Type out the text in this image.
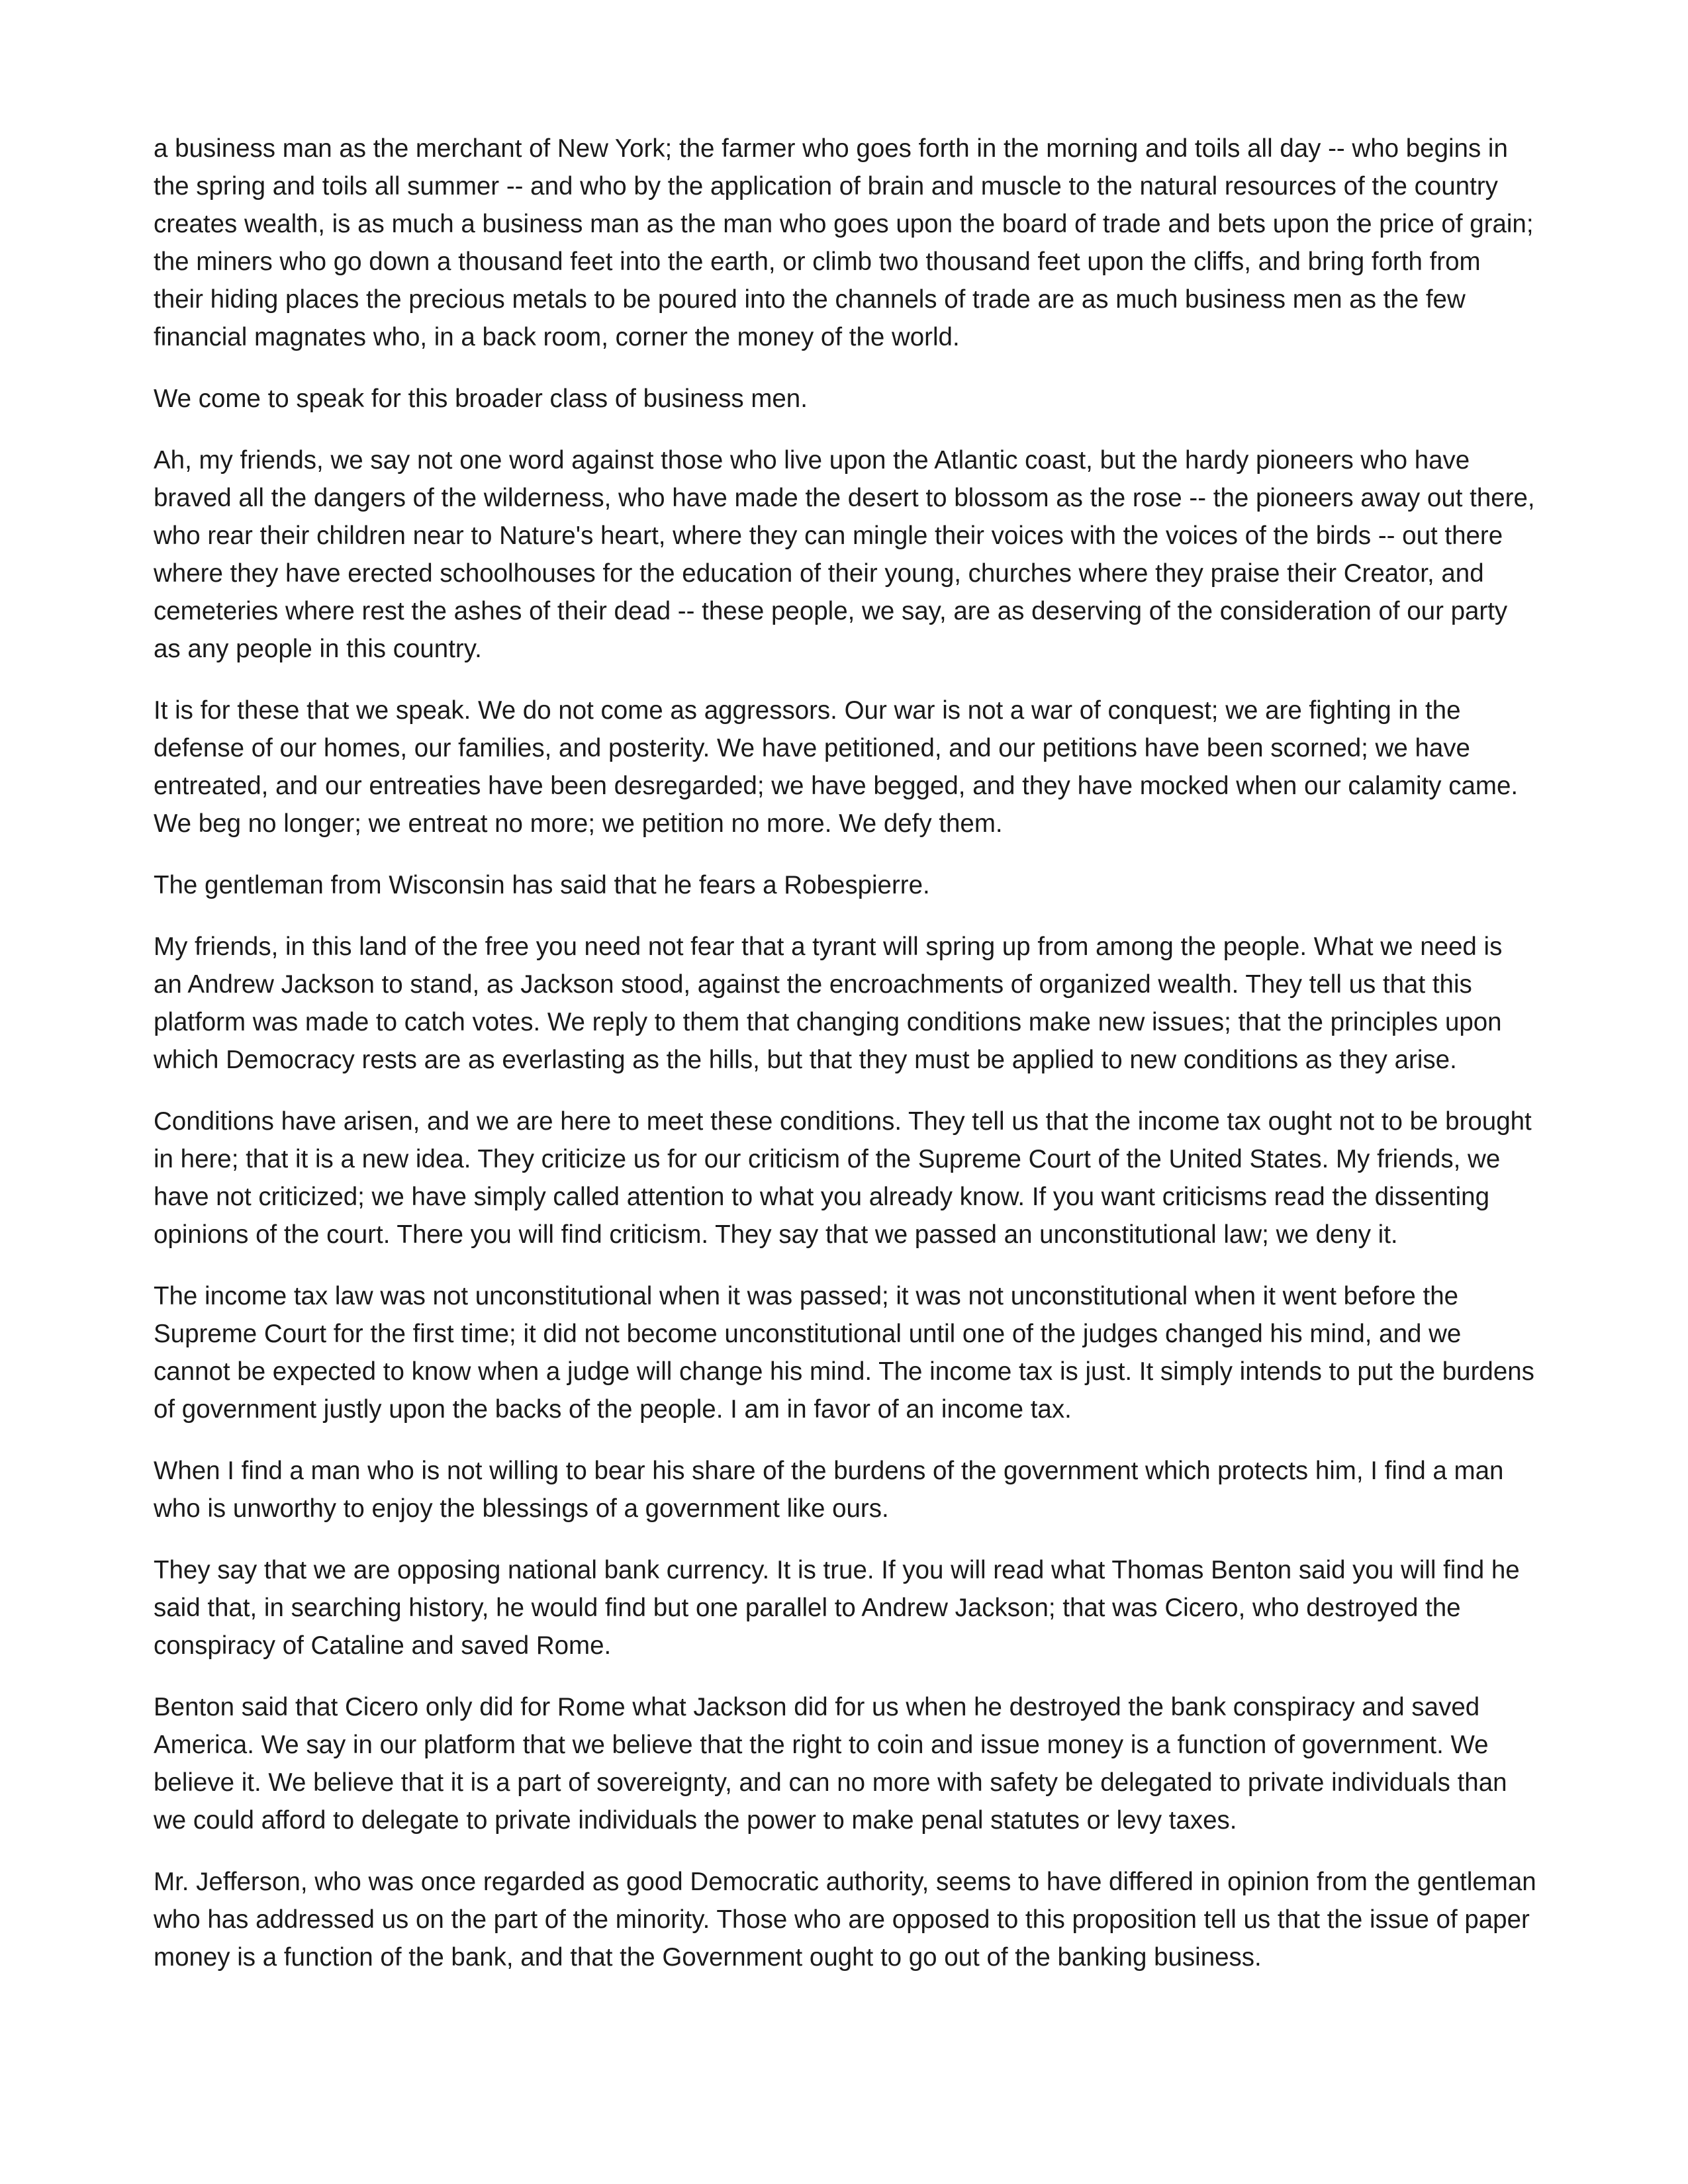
a business man as the merchant of New York; the farmer who goes forth in the morning and toils all day -- who begins in the spring and toils all summer -- and who by the application of brain and muscle to the natural resources of the country creates wealth, is as much a business man as the man who goes upon the board of trade and bets upon the price of grain; the miners who go down a thousand feet into the earth, or climb two thousand feet upon the cliffs, and bring forth from their hiding places the precious metals to be poured into the channels of trade are as much business men as the few financial magnates who, in a back room, corner the money of the world.

We come to speak for this broader class of business men.

Ah, my friends, we say not one word against those who live upon the Atlantic coast, but the hardy pioneers who have braved all the dangers of the wilderness, who have made the desert to blossom as the rose -- the pioneers away out there, who rear their children near to Nature's heart, where they can mingle their voices with the voices of the birds -- out there where they have erected schoolhouses for the education of their young, churches where they praise their Creator, and cemeteries where rest the ashes of their dead -- these people, we say, are as deserving of the consideration of our party as any people in this country.

It is for these that we speak. We do not come as aggressors. Our war is not a war of conquest; we are fighting in the defense of our homes, our families, and posterity. We have petitioned, and our petitions have been scorned; we have entreated, and our entreaties have been desregarded; we have begged, and they have mocked when our calamity came. We beg no longer; we entreat no more; we petition no more. We defy them.

The gentleman from Wisconsin has said that he fears a Robespierre.

My friends, in this land of the free you need not fear that a tyrant will spring up from among the people. What we need is an Andrew Jackson to stand, as Jackson stood, against the encroachments of organized wealth. They tell us that this platform was made to catch votes. We reply to them that changing conditions make new issues; that the principles upon which Democracy rests are as everlasting as the hills, but that they must be applied to new conditions as they arise.

Conditions have arisen, and we are here to meet these conditions. They tell us that the income tax ought not to be brought in here; that it is a new idea. They criticize us for our criticism of the Supreme Court of the United States. My friends, we have not criticized; we have simply called attention to what you already know. If you want criticisms read the dissenting opinions of the court. There you will find criticism. They say that we passed an unconstitutional law; we deny it.

The income tax law was not unconstitutional when it was passed; it was not unconstitutional when it went before the Supreme Court for the first time; it did not become unconstitutional until one of the judges changed his mind, and we cannot be expected to know when a judge will change his mind. The income tax is just. It simply intends to put the burdens of government justly upon the backs of the people. I am in favor of an income tax.

When I find a man who is not willing to bear his share of the burdens of the government which protects him, I find a man who is unworthy to enjoy the blessings of a government like ours.

They say that we are opposing national bank currency. It is true. If you will read what Thomas Benton said you will find he said that, in searching history, he would find but one parallel to Andrew Jackson; that was Cicero, who destroyed the conspiracy of Cataline and saved Rome.

Benton said that Cicero only did for Rome what Jackson did for us when he destroyed the bank conspiracy and saved America. We say in our platform that we believe that the right to coin and issue money is a function of government. We believe it. We believe that it is a part of sovereignty, and can no more with safety be delegated to private individuals than we could afford to delegate to private individuals the power to make penal statutes or levy taxes.

Mr. Jefferson, who was once regarded as good Democratic authority, seems to have differed in opinion from the gentleman who has addressed us on the part of the minority. Those who are opposed to this proposition tell us that the issue of paper money is a function of the bank, and that the Government ought to go out of the banking business.
